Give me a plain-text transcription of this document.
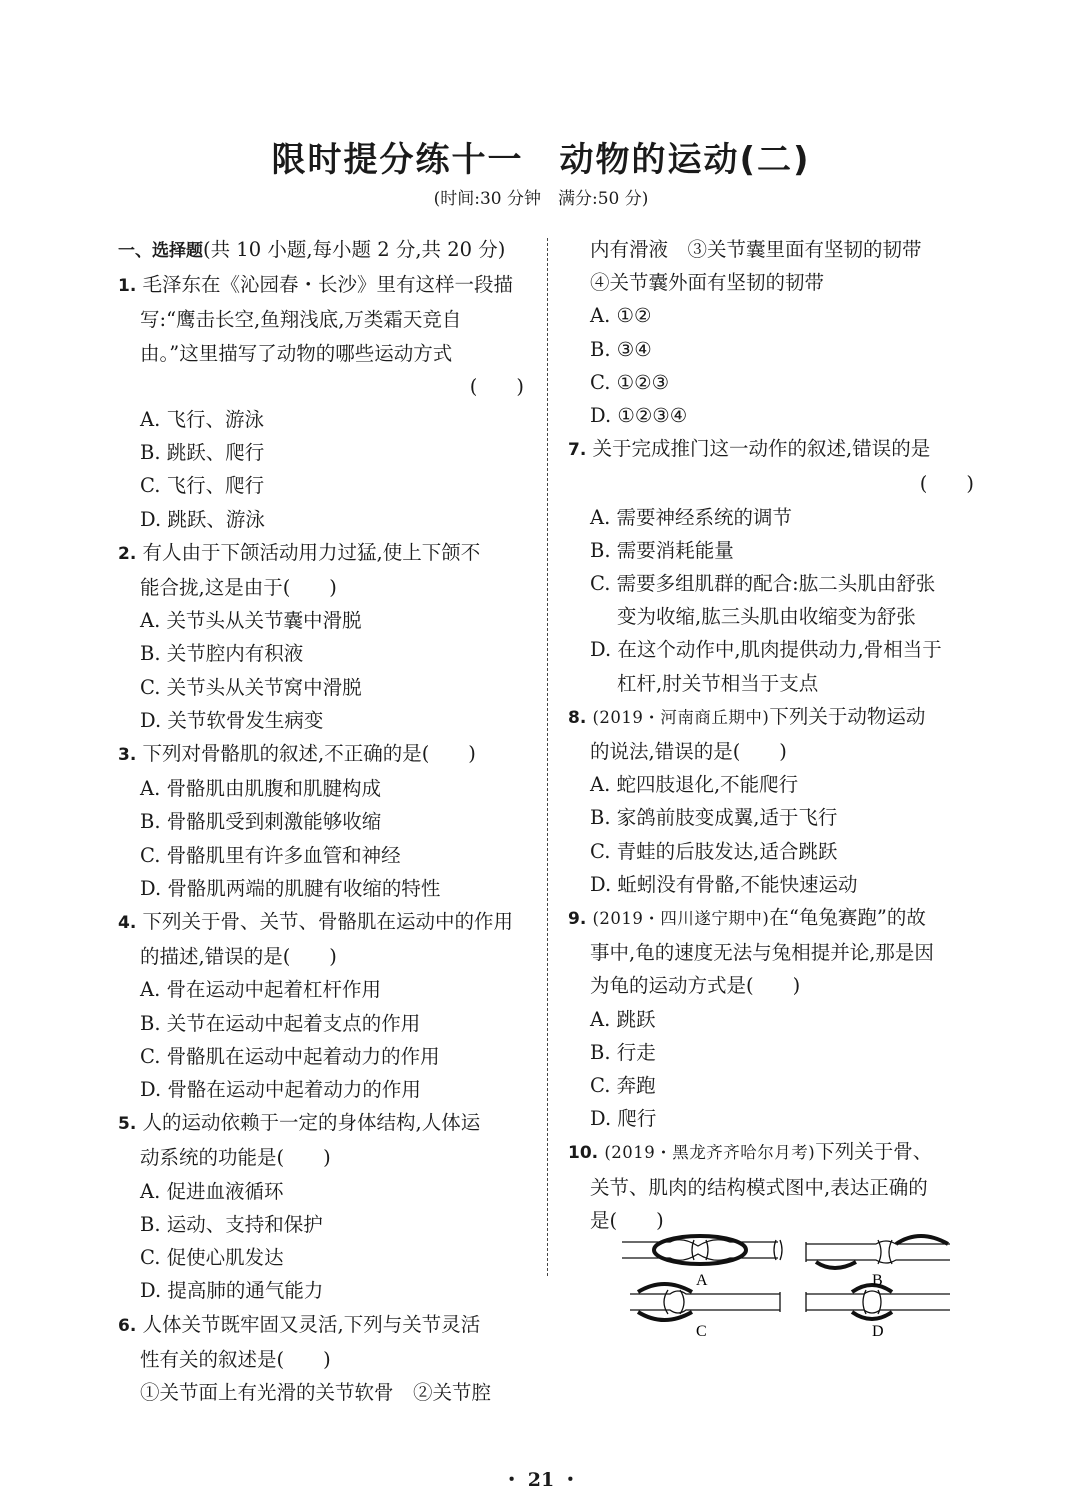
限时提分练十一　动物的运动(二)
(时间:30 分钟　满分:50 分)
一、选择题(共 10 小题,每小题 2 分,共 20 分)
1. 毛泽东在《沁园春・长沙》里有这样一段描
写:“鹰击长空,鱼翔浅底,万类霜天竞自
由。”这里描写了动物的哪些运动方式
(　　)
A. 飞行、游泳
B. 跳跃、爬行
C. 飞行、爬行
D. 跳跃、游泳
2. 有人由于下颌活动用力过猛,使上下颌不
能合拢,这是由于(　　)
A. 关节头从关节囊中滑脱
B. 关节腔内有积液
C. 关节头从关节窝中滑脱
D. 关节软骨发生病变
3. 下列对骨骼肌的叙述,不正确的是(　　)
A. 骨骼肌由肌腹和肌腱构成
B. 骨骼肌受到刺激能够收缩
C. 骨骼肌里有许多血管和神经
D. 骨骼肌两端的肌腱有收缩的特性
4. 下列关于骨、关节、骨骼肌在运动中的作用
的描述,错误的是(　　)
A. 骨在运动中起着杠杆作用
B. 关节在运动中起着支点的作用
C. 骨骼肌在运动中起着动力的作用
D. 骨骼在运动中起着动力的作用
5. 人的运动依赖于一定的身体结构,人体运
动系统的功能是(　　)
A. 促进血液循环
B. 运动、支持和保护
C. 促使心肌发达
D. 提高肺的通气能力
6. 人体关节既牢固又灵活,下列与关节灵活
性有关的叙述是(　　)
①关节面上有光滑的关节软骨　②关节腔
内有滑液　③关节囊里面有坚韧的韧带
④关节囊外面有坚韧的韧带
A. ①②
B. ③④
C. ①②③
D. ①②③④
7. 关于完成推门这一动作的叙述,错误的是
(　　)
A. 需要神经系统的调节
B. 需要消耗能量
C. 需要多组肌群的配合:肱二头肌由舒张
变为收缩,肱三头肌由收缩变为舒张
D. 在这个动作中,肌肉提供动力,骨相当于
杠杆,肘关节相当于支点
8. (2019・河南商丘期中)下列关于动物运动
的说法,错误的是(　　)
A. 蛇四肢退化,不能爬行
B. 家鸽前肢变成翼,适于飞行
C. 青蛙的后肢发达,适合跳跃
D. 蚯蚓没有骨骼,不能快速运动
9. (2019・四川遂宁期中)在“龟兔赛跑”的故
事中,龟的速度无法与兔相提并论,那是因
为龟的运动方式是(　　)
A. 跳跃
B. 行走
C. 奔跑
D. 爬行
10. (2019・黑龙齐齐哈尔月考)下列关于骨、
关节、肌肉的结构模式图中,表达正确的
是(　　)
A	B
C	D
・ 21 ・
